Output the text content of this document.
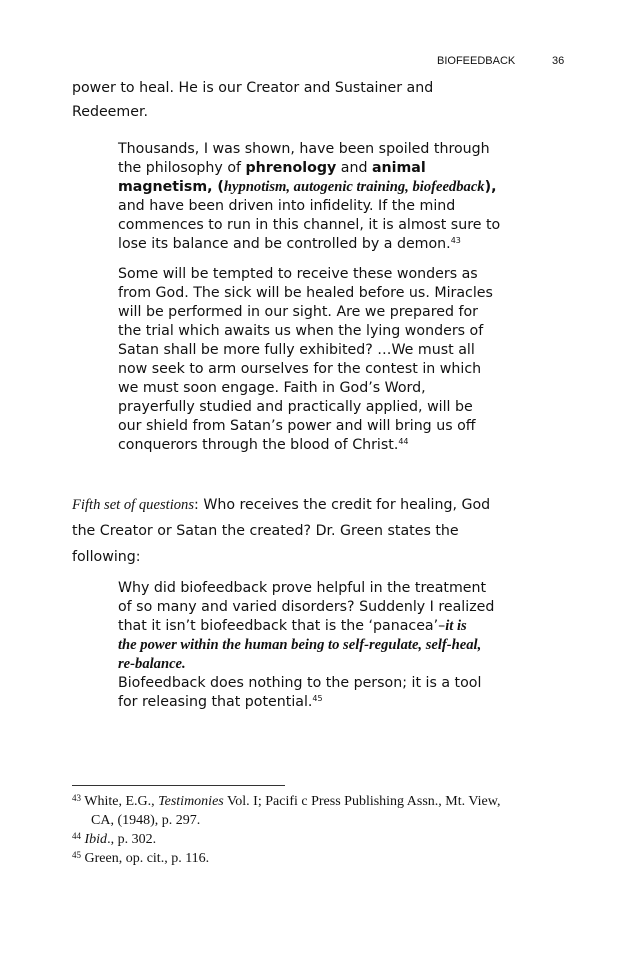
BIOFEEDBACK	36
power to heal. He is our Creator and Sustainer and
Redeemer.
Thousands, I was shown, have been spoiled through
the philosophy of phrenology and animal
magnetism, (hypnotism, autogenic training, biofeedback),
and have been driven into infidelity. If the mind
commences to run in this channel, it is almost sure to
lose its balance and be controlled by a demon.$^{43}$
Some will be tempted to receive these wonders as
from God. The sick will be healed before us. Miracles
will be performed in our sight. Are we prepared for
the trial which awaits us when the lying wonders of
Satan shall be more fully exhibited? …We must all
now seek to arm ourselves for the contest in which
we must soon engage. Faith in God’s Word,
prayerfully studied and practically applied, will be
our shield from Satan’s power and will bring us off
conquerors through the blood of Christ.$^{44}$
Fifth set of questions: Who receives the credit for healing, God
the Creator or Satan the created? Dr. Green states the
following:
Why did biofeedback prove helpful in the treatment
of so many and varied disorders? Suddenly I realized
that it isn’t biofeedback that is the ‘panacea’–it is
the power within the human being to self-regulate, self-heal,
re-balance.
Biofeedback does nothing to the person; it is a tool
for releasing that potential.$^{45}$
$^{43}$ White, E.G., Testimonies Vol. I; Pacifi c Press Publishing Assn., Mt. View,
CA, (1948), p. 297.
$^{44}$ Ibid., p. 302.
$^{45}$ Green, op. cit., p. 116.
